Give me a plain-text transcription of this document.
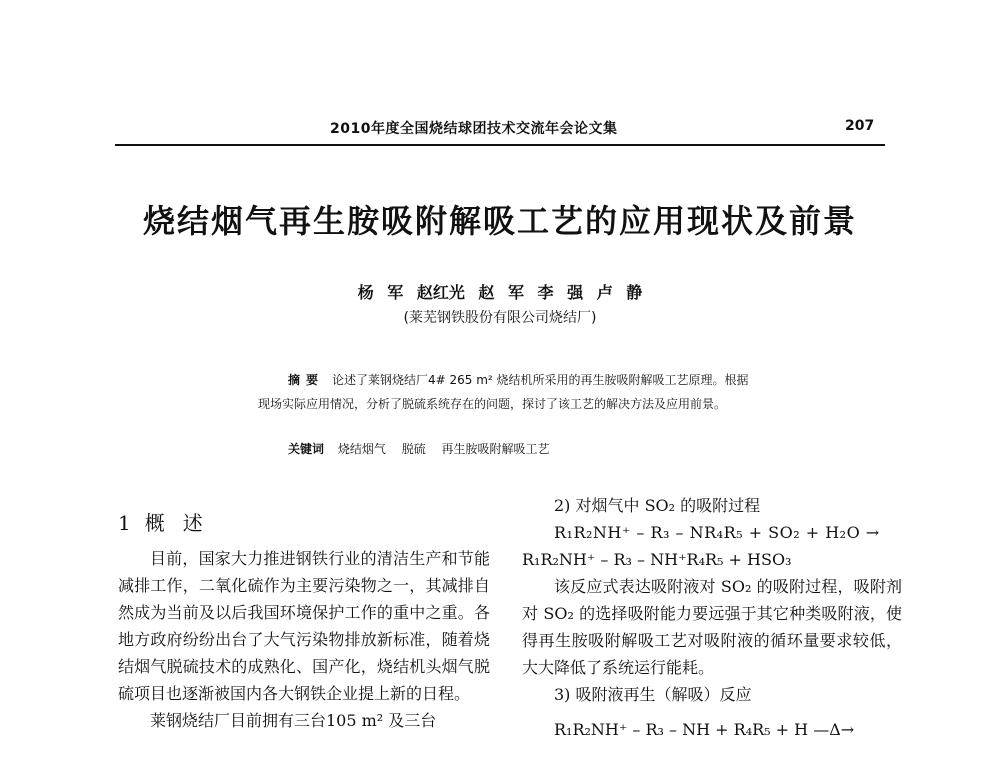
2010年度全国烧结球团技术交流年会论文集	207
烧结烟气再生胺吸附解吸工艺的应用现状及前景
杨 军 赵红光 赵 军 李 强 卢 静
(莱芜钢铁股份有限公司烧结厂)
摘要 论述了莱钢烧结厂4# 265 m² 烧结机所采用的再生胺吸附解吸工艺原理。根据现场实际应用情况，分析了脱硫系统存在的问题，探讨了该工艺的解决方法及应用前景。
关键词 烧结烟气 脱硫 再生胺吸附解吸工艺
1 概述

目前，国家大力推进钢铁行业的清洁生产和节能减排工作，二氧化硫作为主要污染物之一，其减排自然成为当前及以后我国环境保护工作的重中之重。各地方政府纷纷出台了大气污染物排放新标准，随着烧结烟气脱硫技术的成熟化、国产化，烧结机头烟气脱硫项目也逐渐被国内各大钢铁企业提上新的日程。

莱钢烧结厂目前拥有三台105 m² 及三台

2) 对烟气中 SO₂ 的吸附过程

R₁R₂NH⁺ – R₃ – NR₄R₅ + SO₂ + H₂O →

R₁R₂NH⁺ – R₃ – NH⁺R₄R₅ + HSO₃

该反应式表达吸附液对 SO₂ 的吸附过程，吸附剂对 SO₂ 的选择吸附能力要远强于其它种类吸附液，使得再生胺吸附解吸工艺对吸附液的循环量要求较低，大大降低了系统运行能耗。

3) 吸附液再生（解吸）反应

R₁R₂NH⁺ – R₃ – NH + R₄R₅ + H —Δ→
